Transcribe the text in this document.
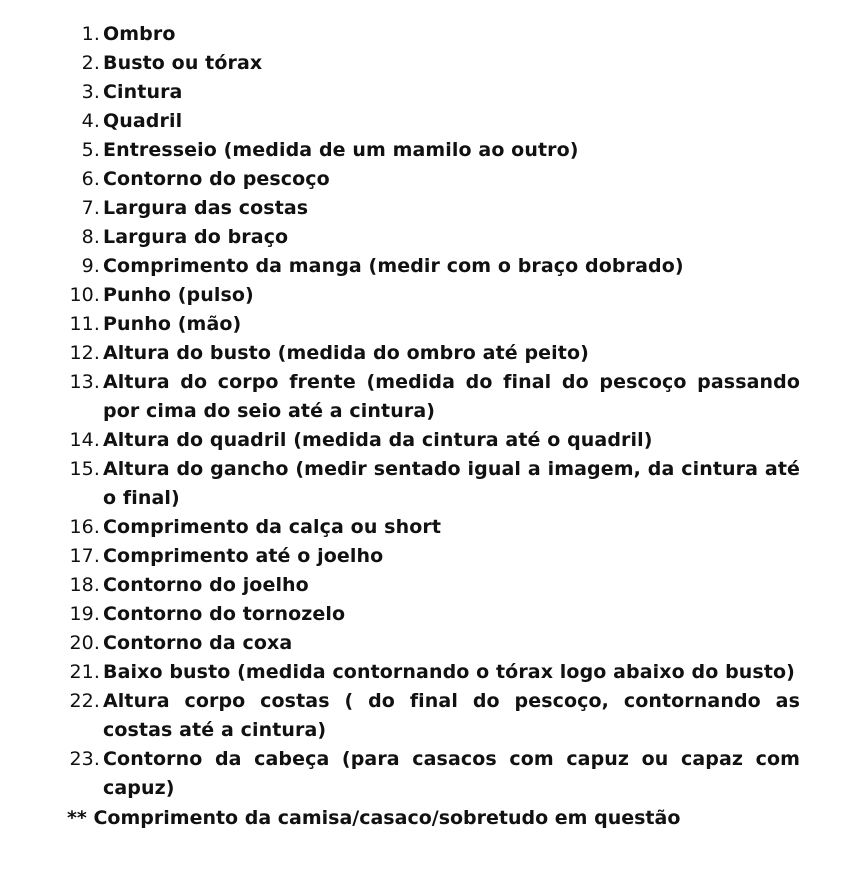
1. Ombro
2. Busto ou tórax
3. Cintura
4. Quadril
5. Entresseio (medida de um mamilo ao outro)
6. Contorno do pescoço
7. Largura das costas
8. Largura do braço
9. Comprimento da manga (medir com o braço dobrado)
10. Punho (pulso)
11. Punho (mão)
12. Altura do busto (medida do ombro até peito)
13. Altura do corpo frente (medida do final do pescoço passando por cima do seio até a cintura)
14. Altura do quadril (medida da cintura até o quadril)
15. Altura do gancho (medir sentado igual a imagem, da cintura até o final)
16. Comprimento da calça ou short
17. Comprimento até o joelho
18. Contorno do joelho
19. Contorno do tornozelo
20. Contorno da coxa
21. Baixo busto (medida contornando o tórax logo abaixo do busto)
22. Altura corpo costas ( do final do pescoço, contornando as costas até a cintura)
23. Contorno da cabeça (para casacos com capuz ou capaz com capuz)
** Comprimento da camisa/casaco/sobretudo em questão
